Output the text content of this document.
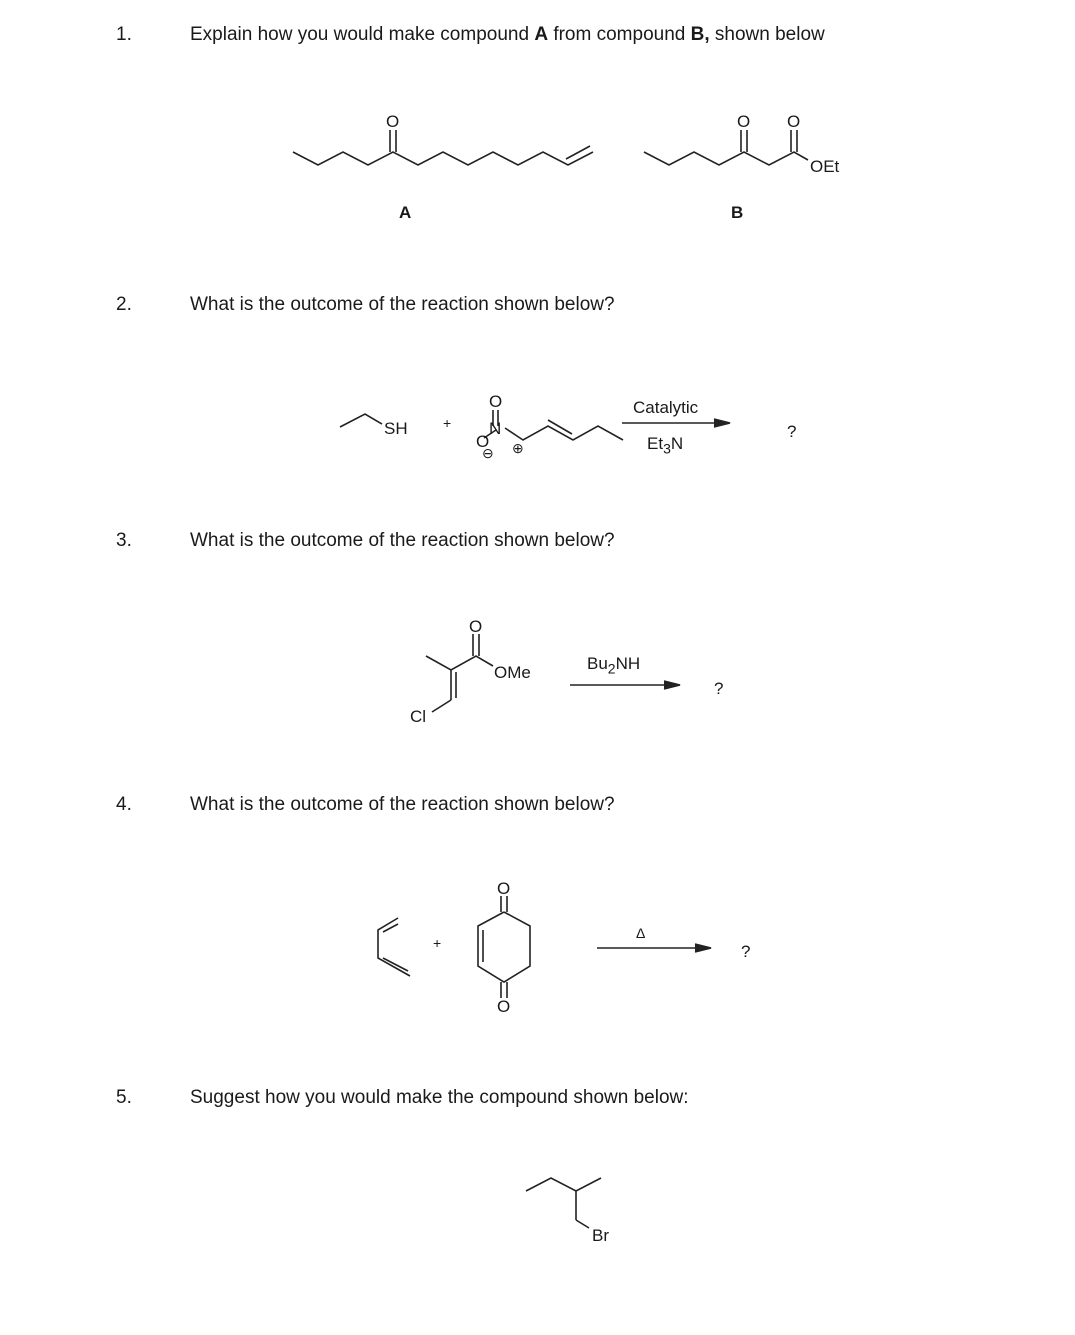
1.	Explain how you would make compound A from compound B, shown below
2.	What is the outcome of the reaction shown below?
3.	What is the outcome of the reaction shown below?
4.	What is the outcome of the reaction shown below?
5.	Suggest how you would make the compound shown below:
O
A
O O
OEt
B
SH	+
O
N
O
⊖ ⊕
Catalytic
$Et_3N$
?
O
OMe
Cl
$Bu_2NH$
?
+
O
O
Δ
?
Br
